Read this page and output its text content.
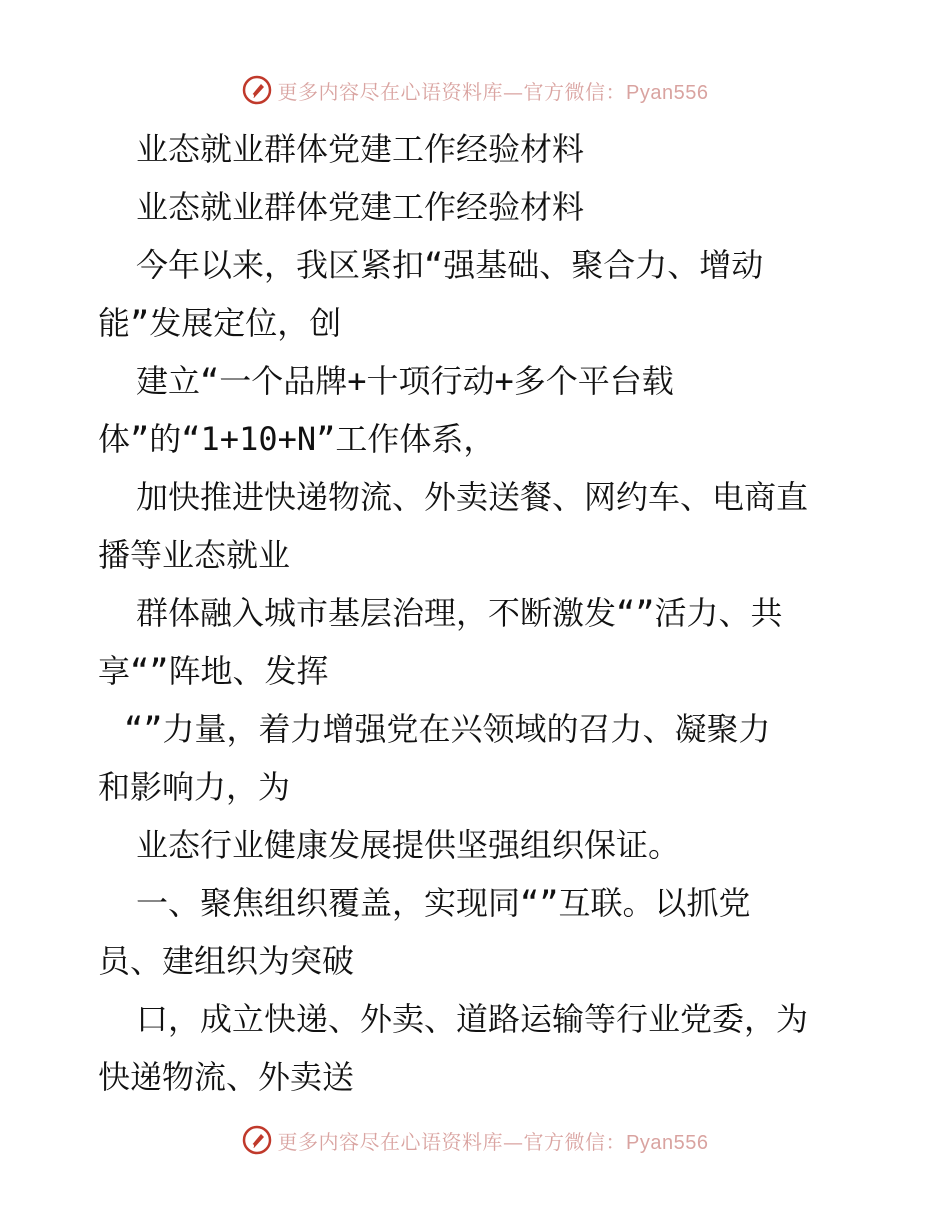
更多内容尽在心语资料库—官方微信：Pyan556
业态就业群体党建工作经验材料
业态就业群体党建工作经验材料
今年以来，我区紧扣“强基础、聚合力、增动
能”发展定位，创
建立“一个品牌+十项行动+多个平台载
体”的“1+10+N”工作体系，
加快推进快递物流、外卖送餐、网约车、电商直
播等业态就业
群体融入城市基层治理，不断激发“”活力、共
享“”阵地、发挥
“”力量，着力增强党在兴领域的召力、凝聚力
和影响力，为
业态行业健康发展提供坚强组织保证。
一、聚焦组织覆盖，实现同“”互联。以抓党
员、建组织为突破
口，成立快递、外卖、道路运输等行业党委，为
快递物流、外卖送
更多内容尽在心语资料库—官方微信：Pyan556
